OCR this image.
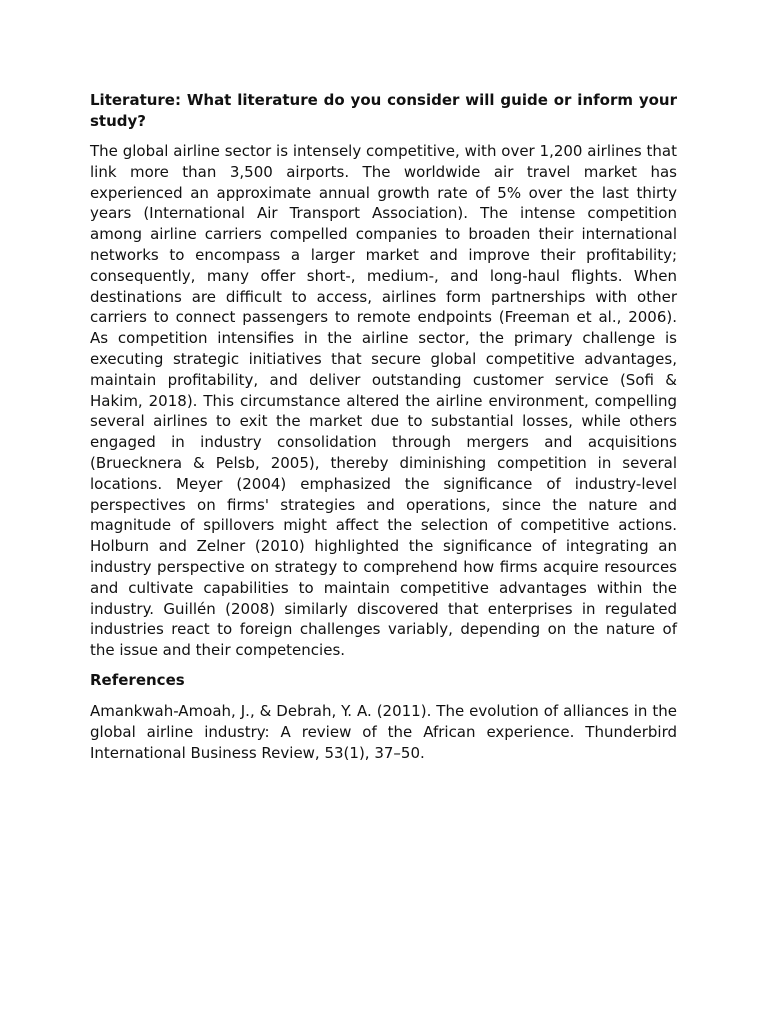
Literature: What literature do you consider will guide or inform your study?

The global airline sector is intensely competitive, with over 1,200 airlines that link more than 3,500 airports. The worldwide air travel market has experienced an approximate annual growth rate of 5% over the last thirty years (International Air Transport Association). The intense competition among airline carriers compelled companies to broaden their international networks to encompass a larger market and improve their profitability; consequently, many offer short-, medium-, and long-haul flights. When destinations are difficult to access, airlines form partnerships with other carriers to connect passengers to remote endpoints (Freeman et al., 2006). As competition intensifies in the airline sector, the primary challenge is executing strategic initiatives that secure global competitive advantages, maintain profitability, and deliver outstanding customer service (Sofi & Hakim, 2018). This circumstance altered the airline environment, compelling several airlines to exit the market due to substantial losses, while others engaged in industry consolidation through mergers and acquisitions (Bruecknera & Pelsb, 2005), thereby diminishing competition in several locations. Meyer (2004) emphasized the significance of industry-level perspectives on firms' strategies and operations, since the nature and magnitude of spillovers might affect the selection of competitive actions. Holburn and Zelner (2010) highlighted the significance of integrating an industry perspective on strategy to comprehend how firms acquire resources and cultivate capabilities to maintain competitive advantages within the industry. Guillén (2008) similarly discovered that enterprises in regulated industries react to foreign challenges variably, depending on the nature of the issue and their competencies.

References

Amankwah-Amoah, J., & Debrah, Y. A. (2011). The evolution of alliances in the global airline industry: A review of the African experience. Thunderbird International Business Review, 53(1), 37–50.
